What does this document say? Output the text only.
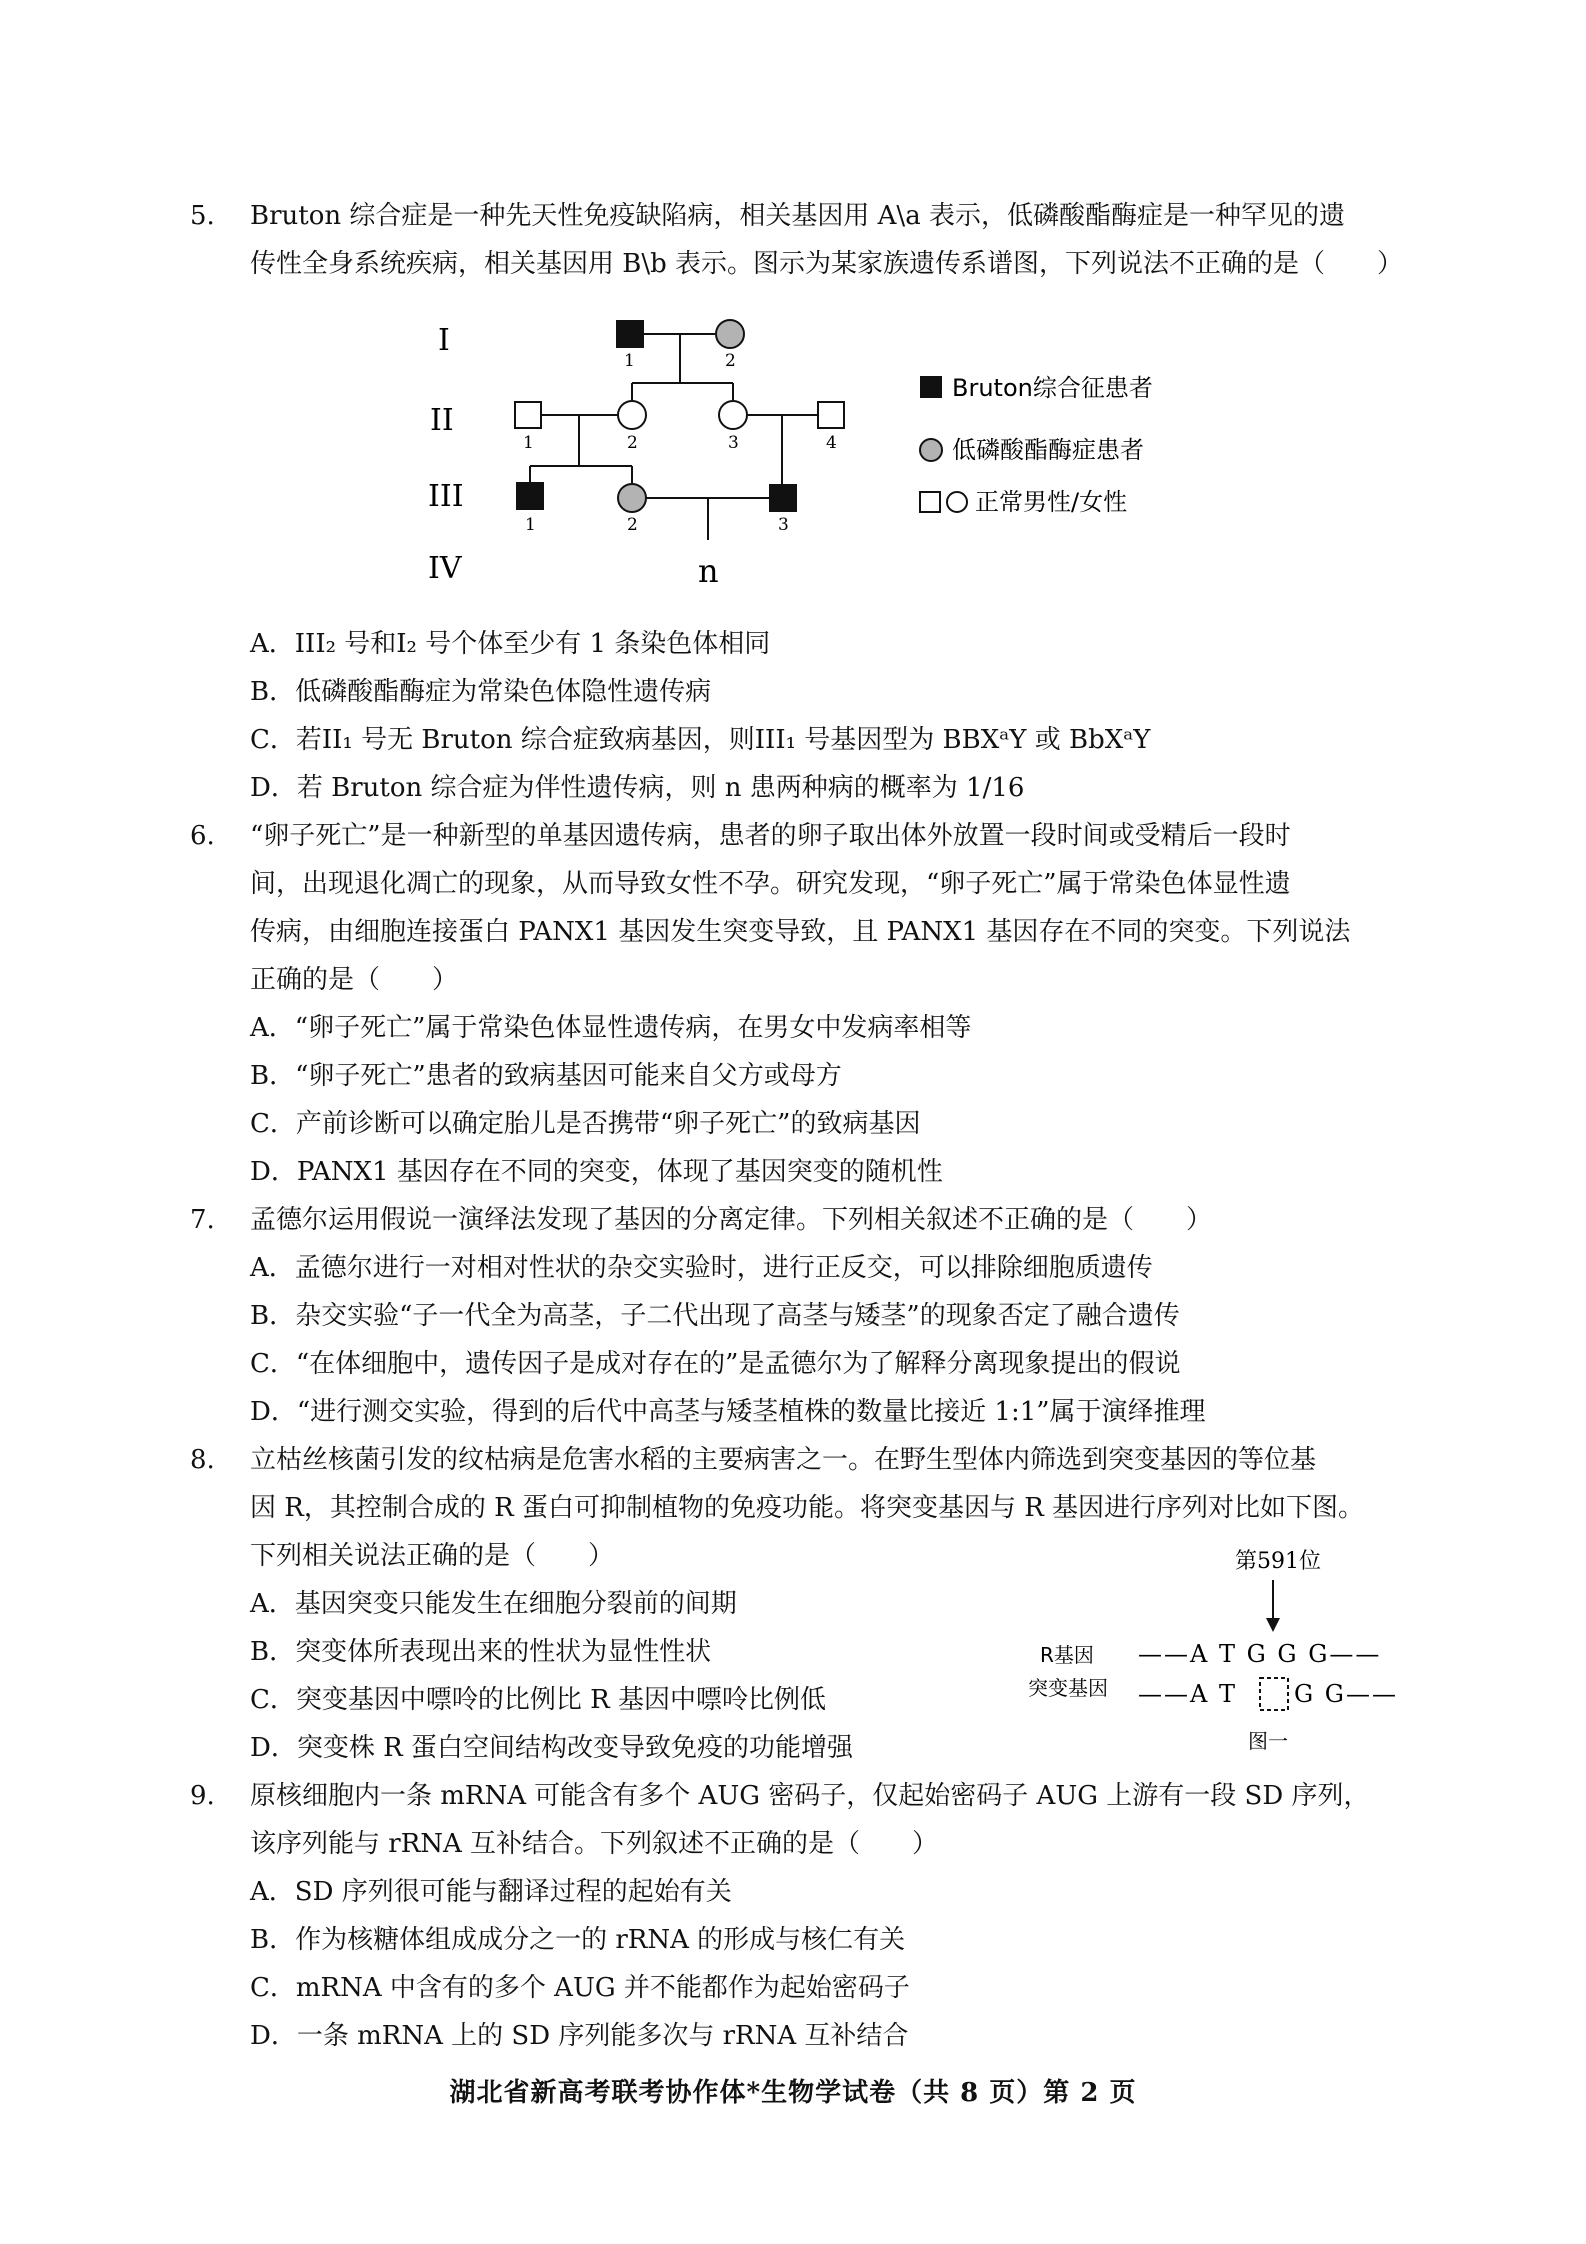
5. Bruton 综合症是一种先天性免疫缺陷病，相关基因用 A\a 表示，低磷酸酯酶症是一种罕见的遗
传性全身系统疾病，相关基因用 B\b 表示。图示为某家族遗传系谱图，下列说法不正确的是（　　）
I
II
III
IV
1	2
1	2	3	4
1	2	3
n
Bruton综合征患者
低磷酸酯酶症患者
正常男性/女性
A．III₂ 号和I₂ 号个体至少有 1 条染色体相同
B．低磷酸酯酶症为常染色体隐性遗传病
C．若II₁ 号无 Bruton 综合症致病基因，则III₁ 号基因型为 BBXᵃY 或 BbXᵃY
D．若 Bruton 综合症为伴性遗传病，则 n 患两种病的概率为 1/16
6. “卵子死亡”是一种新型的单基因遗传病，患者的卵子取出体外放置一段时间或受精后一段时
间，出现退化凋亡的现象，从而导致女性不孕。研究发现，“卵子死亡”属于常染色体显性遗
传病，由细胞连接蛋白 PANX1 基因发生突变导致，且 PANX1 基因存在不同的突变。下列说法
正确的是（　　）
A．“卵子死亡”属于常染色体显性遗传病，在男女中发病率相等
B．“卵子死亡”患者的致病基因可能来自父方或母方
C．产前诊断可以确定胎儿是否携带“卵子死亡”的致病基因
D．PANX1 基因存在不同的突变，体现了基因突变的随机性
7. 孟德尔运用假说一演绎法发现了基因的分离定律。下列相关叙述不正确的是（　　）
A．孟德尔进行一对相对性状的杂交实验时，进行正反交，可以排除细胞质遗传
B．杂交实验“子一代全为高茎，子二代出现了高茎与矮茎”的现象否定了融合遗传
C．“在体细胞中，遗传因子是成对存在的”是孟德尔为了解释分离现象提出的假说
D．“进行测交实验，得到的后代中高茎与矮茎植株的数量比接近 1:1”属于演绎推理
8. 立枯丝核菌引发的纹枯病是危害水稻的主要病害之一。在野生型体内筛选到突变基因的等位基
因 R，其控制合成的 R 蛋白可抑制植物的免疫功能。将突变基因与 R 基因进行序列对比如下图。
下列相关说法正确的是（　　）
A．基因突变只能发生在细胞分裂前的间期
B．突变体所表现出来的性状为显性性状
C．突变基因中嘌呤的比例比 R 基因中嘌呤比例低
D．突变株 R 蛋白空间结构改变导致免疫的功能增强
第591位
R基因
突变基因
——A T G G G——
——A T G G——
图一
9. 原核细胞内一条 mRNA 可能含有多个 AUG 密码子，仅起始密码子 AUG 上游有一段 SD 序列，
该序列能与 rRNA 互补结合。下列叙述不正确的是（　　）
A．SD 序列很可能与翻译过程的起始有关
B．作为核糖体组成成分之一的 rRNA 的形成与核仁有关
C．mRNA 中含有的多个 AUG 并不能都作为起始密码子
D．一条 mRNA 上的 SD 序列能多次与 rRNA 互补结合
湖北省新高考联考协作体*生物学试卷（共 8 页）第 2 页
